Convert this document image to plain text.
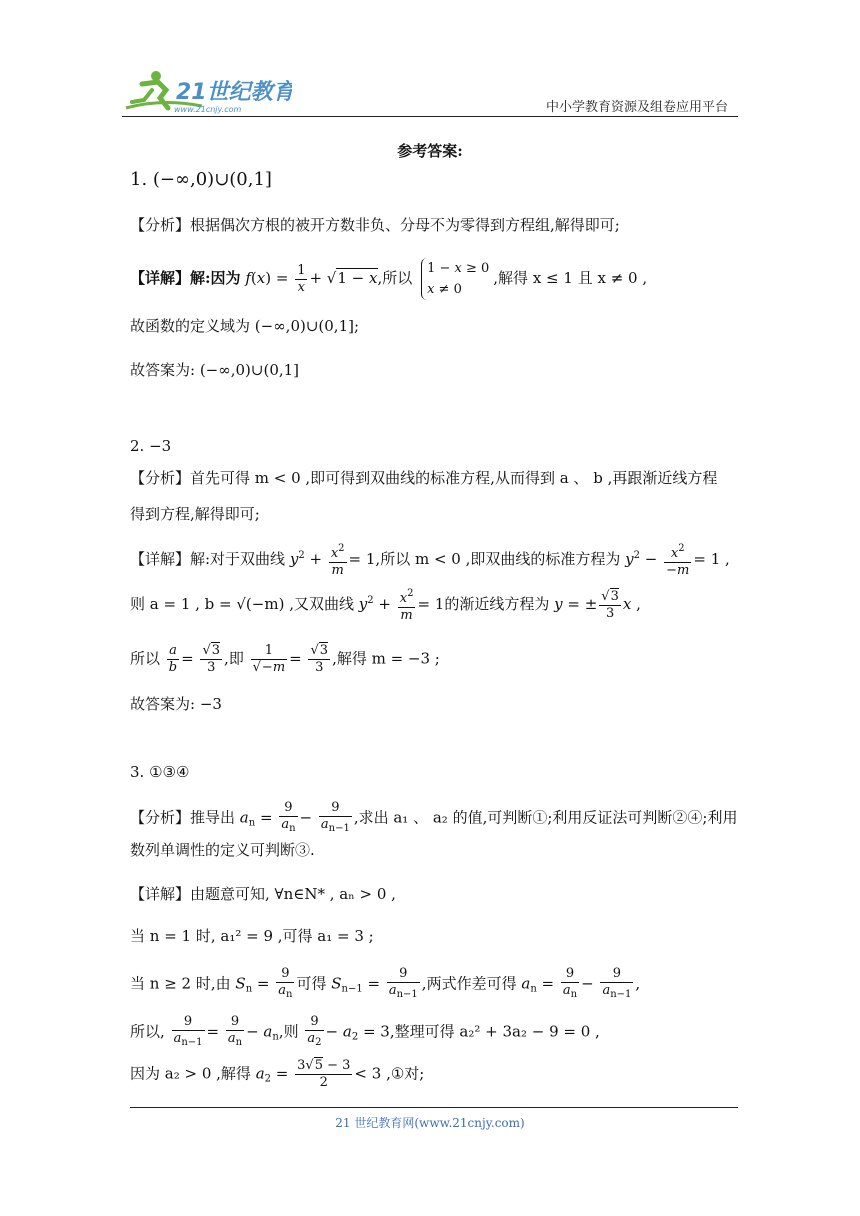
21世纪教育
www.21cnjy.com	中小学教育资源及组卷应用平台
参考答案:
1. (−∞,0)∪(0,1]
【分析】根据偶次方根的被开方数非负、分母不为零得到方程组,解得即可;
【详解】解:因为 $f(x) = \frac{1}{x} + √1 - x$,所以 1 − x ≥ 0
x ≠ 0,解得 x ≤ 1 且 x ≠ 0 ,
故函数的定义域为 (−∞,0)∪(0,1];
故答案为: (−∞,0)∪(0,1]
2. −3
【分析】首先可得 m < 0 ,即可得到双曲线的标准方程,从而得到 a 、 b ,再跟渐近线方程
得到方程,解得即可;
【详解】解:对于双曲线 $y^2 + \frac{x^2}{m} = 1$,所以 m < 0 ,即双曲线的标准方程为 $y^2 - \frac{x^2}{-m} = 1$ ,
则 a = 1 , b = √(−m) ,又双曲线 $y^2 + \frac{x^2}{m} = 1$的渐近线方程为 y = ± $\frac{√3}{3}$ x ,
所以 $\frac{a}{b} = \frac{√3}{3}$ ,即 $\frac{1}{√-m} = \frac{√3}{3}$ ,解得 m = −3 ;
故答案为: −3
3. ①③④
【分析】推导出 $a_n = \frac{9}{a_n} - \frac{9}{a_{n-1}}$ ,求出 a₁ 、 a₂ 的值,可判断①;利用反证法可判断②④;利用
数列单调性的定义可判断③.
【详解】由题意可知, ∀n∈N* , aₙ > 0 ,
当 n = 1 时, a₁² = 9 ,可得 a₁ = 3 ;
当 n ≥ 2 时,由 $S_n = \frac{9}{a_n}$ 可得 $S_{n-1} = \frac{9}{a_{n-1}}$ ,两式作差可得 $a_n = \frac{9}{a_n} - \frac{9}{a_{n-1}}$ ,
所以, $\frac{9}{a_{n-1}} = \frac{9}{a_n} - a_n$,则 $\frac{9}{a_2} - a_2 = 3$,整理可得 a₂² + 3a₂ − 9 = 0 ,
因为 a₂ > 0 ,解得 $a_2 = \frac{3√5 - 3}{2} < 3$ ,①对;
21 世纪教育网(www.21cnjy.com)
